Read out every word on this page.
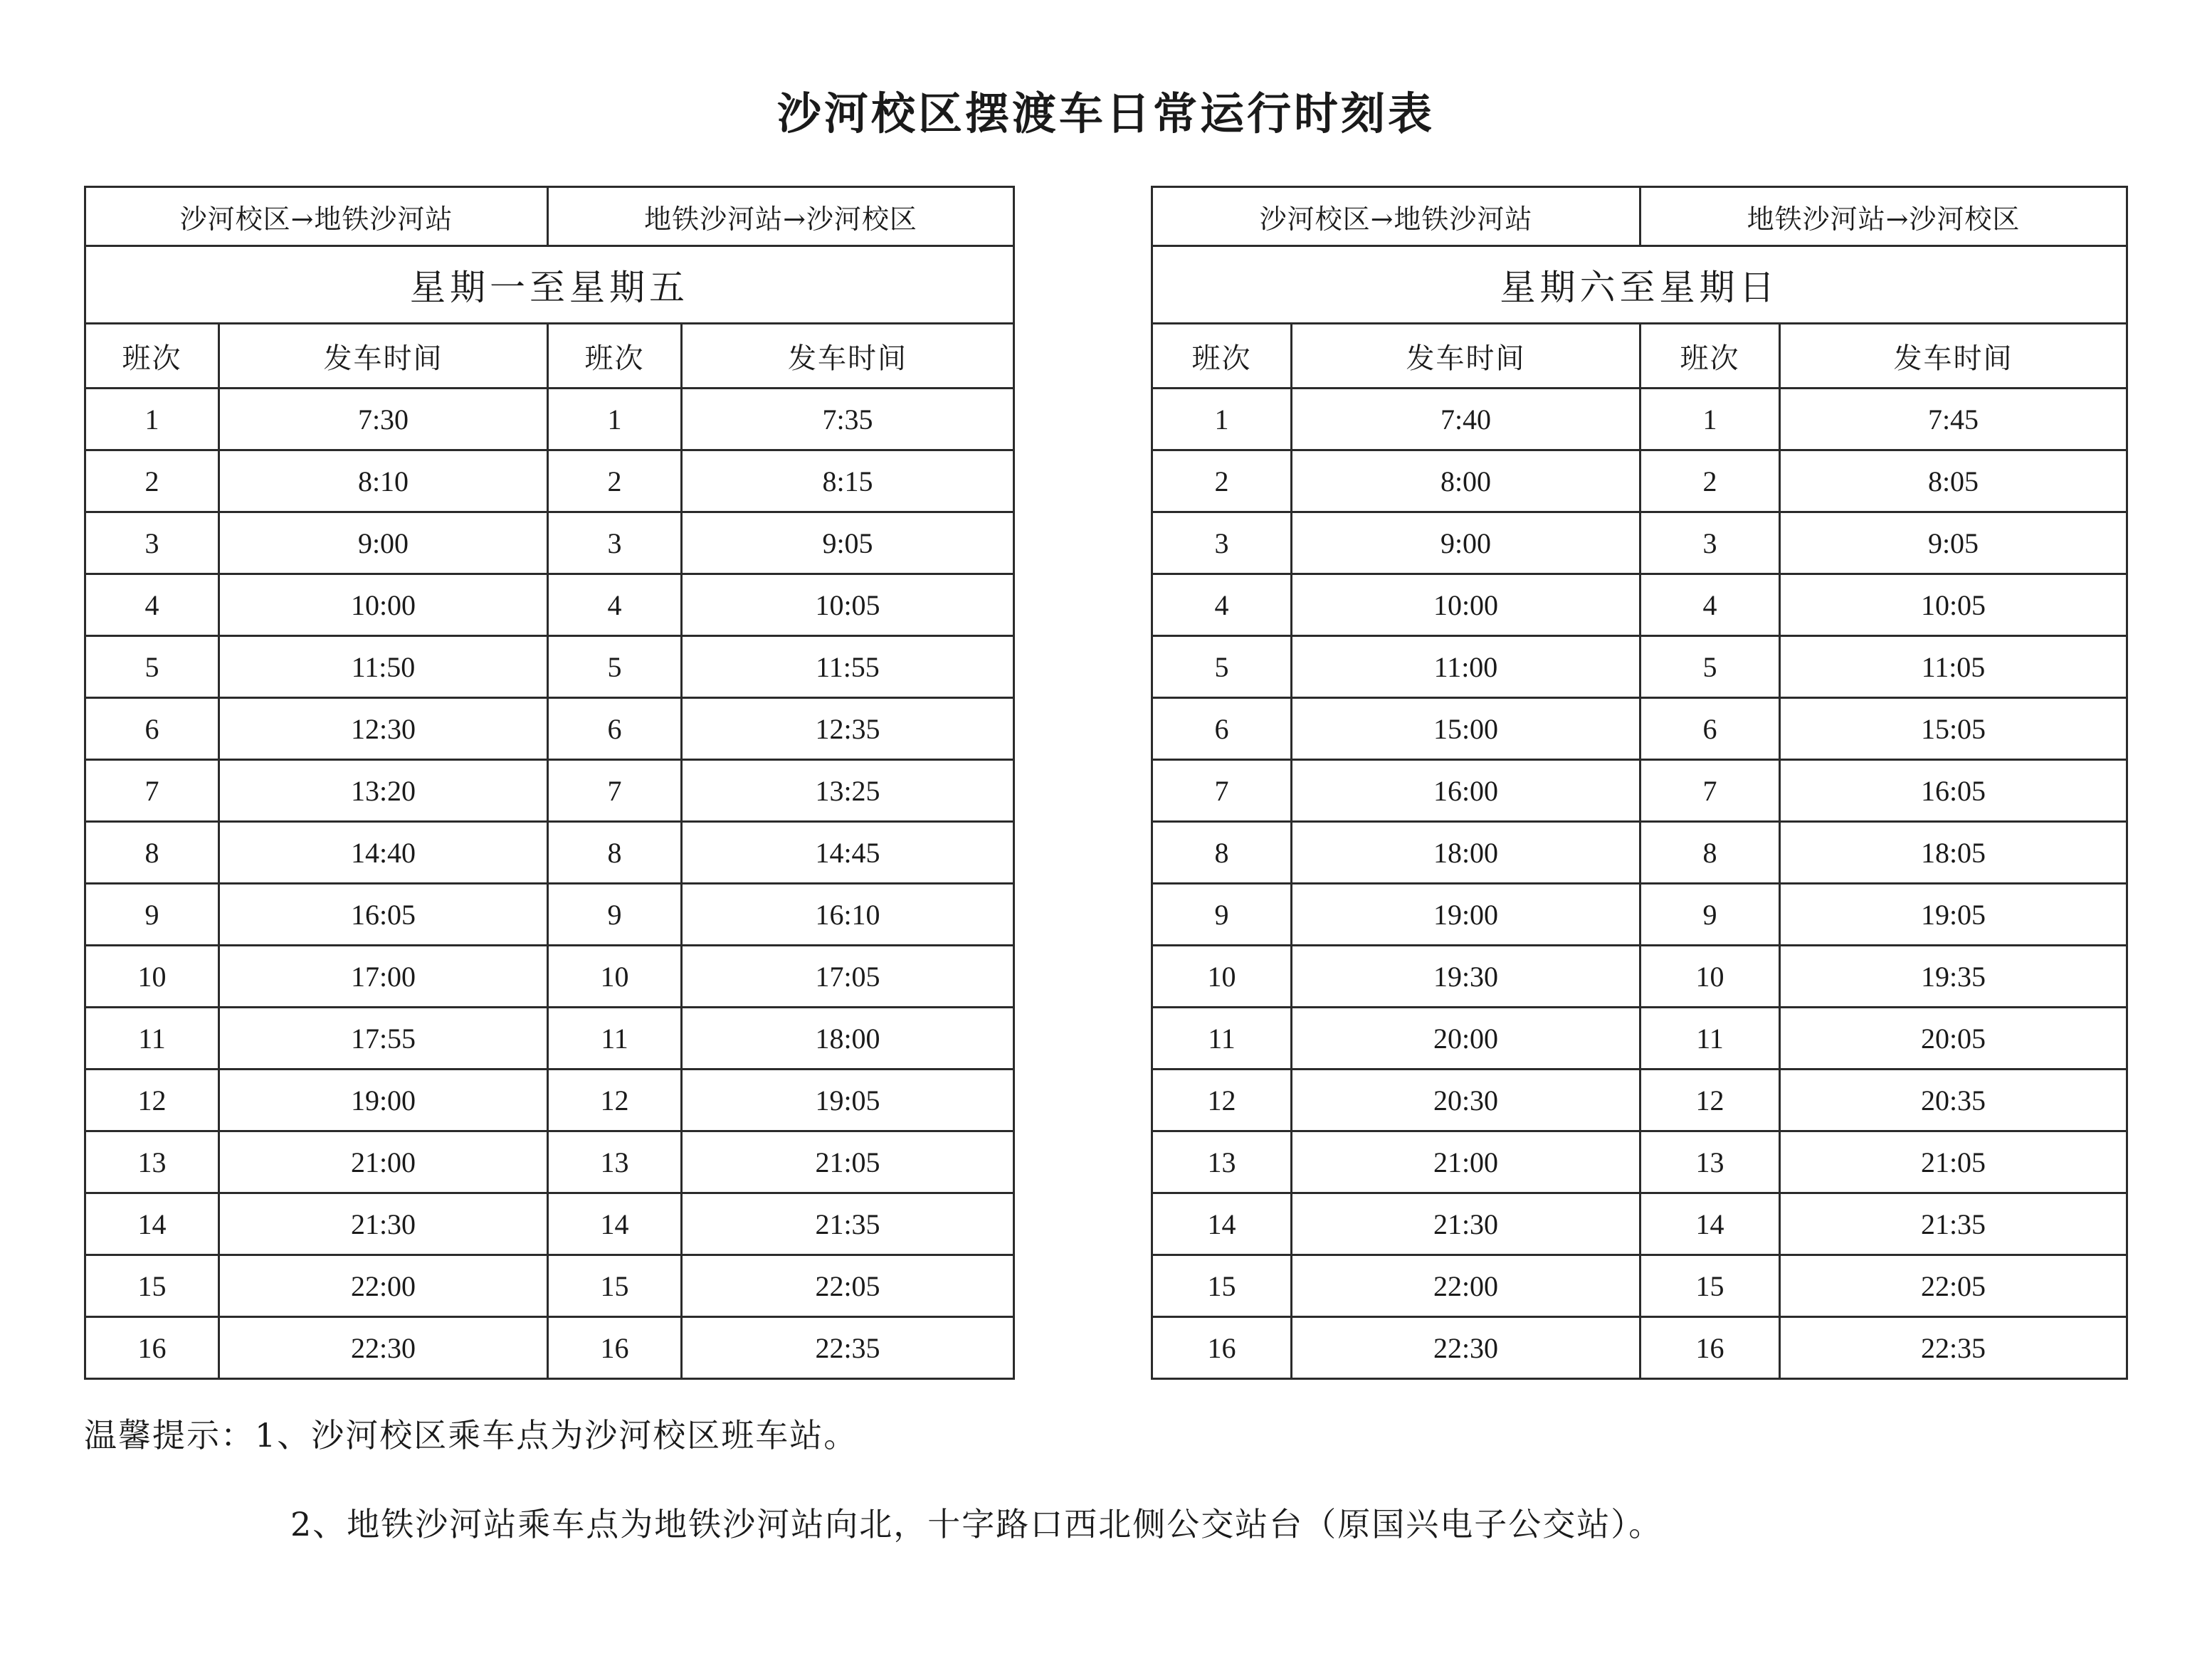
沙河校区摆渡车日常运行时刻表
沙河校区→地铁沙河站		地铁沙河站→沙河校区	
星期一至星期五			
班次	发车时间	班次	发车时间
1	7:30	1	7:35
2	8:10	2	8:15
3	9:00	3	9:05
4	10:00	4	10:05
5	11:50	5	11:55
6	12:30	6	12:35
7	13:20	7	13:25
8	14:40	8	14:45
9	16:05	9	16:10
10	17:00	10	17:05
11	17:55	11	18:00
12	19:00	12	19:05
13	21:00	13	21:05
14	21:30	14	21:35
15	22:00	15	22:05
16	22:30	16	22:35
沙河校区→地铁沙河站		地铁沙河站→沙河校区	
星期六至星期日			
班次	发车时间	班次	发车时间
1	7:40	1	7:45
2	8:00	2	8:05
3	9:00	3	9:05
4	10:00	4	10:05
5	11:00	5	11:05
6	15:00	6	15:05
7	16:00	7	16:05
8	18:00	8	18:05
9	19:00	9	19:05
10	19:30	10	19:35
11	20:00	11	20:05
12	20:30	12	20:35
13	21:00	13	21:05
14	21:30	14	21:35
15	22:00	15	22:05
16	22:30	16	22:35

温馨提示：1、沙河校区乘车点为沙河校区班车站。

2、地铁沙河站乘车点为地铁沙河站向北，十字路口西北侧公交站台（原国兴电子公交站）。
